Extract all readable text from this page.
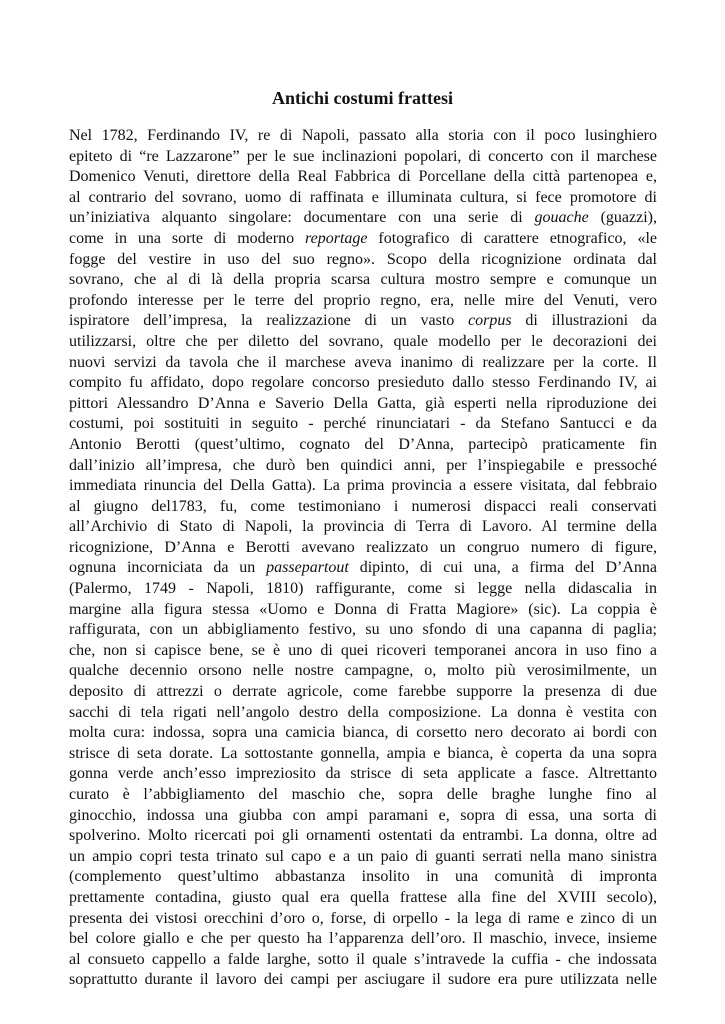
Antichi costumi frattesi
Nel 1782, Ferdinando IV, re di Napoli, passato alla storia con il poco lusinghiero
epiteto di “re Lazzarone” per le sue inclinazioni popolari, di concerto con il marchese
Domenico Venuti, direttore della Real Fabbrica di Porcellane della città partenopea e,
al contrario del sovrano, uomo di raffinata e illuminata cultura, si fece promotore di
un’iniziativa alquanto singolare: documentare con una serie di gouache (guazzi),
come in una sorte di moderno reportage fotografico di carattere etnografico, «le
fogge del vestire in uso del suo regno». Scopo della ricognizione ordinata dal
sovrano, che al di là della propria scarsa cultura mostro sempre e comunque un
profondo interesse per le terre del proprio regno, era, nelle mire del Venuti, vero
ispiratore dell’impresa, la realizzazione di un vasto corpus di illustrazioni da
utilizzarsi, oltre che per diletto del sovrano, quale modello per le decorazioni dei
nuovi servizi da tavola che il marchese aveva inanimo di realizzare per la corte. Il
compito fu affidato, dopo regolare concorso presieduto dallo stesso Ferdinando IV, ai
pittori Alessandro D’Anna e Saverio Della Gatta, già esperti nella riproduzione dei
costumi, poi sostituiti in seguito - perché rinunciatari - da Stefano Santucci e da
Antonio Berotti (quest’ultimo, cognato del D’Anna, partecipò praticamente fin
dall’inizio all’impresa, che durò ben quindici anni, per l’inspiegabile e pressoché
immediata rinuncia del Della Gatta). La prima provincia a essere visitata, dal febbraio
al giugno del1783, fu, come testimoniano i numerosi dispacci reali conservati
all’Archivio di Stato di Napoli, la provincia di Terra di Lavoro. Al termine della
ricognizione, D’Anna e Berotti avevano realizzato un congruo numero di figure,
ognuna incorniciata da un passepartout dipinto, di cui una, a firma del D’Anna
(Palermo, 1749 - Napoli, 1810) raffigurante, come si legge nella didascalia in
margine alla figura stessa «Uomo e Donna di Fratta Magiore» (sic). La coppia è
raffigurata, con un abbigliamento festivo, su uno sfondo di una capanna di paglia;
che, non si capisce bene, se è uno di quei ricoveri temporanei ancora in uso fino a
qualche decennio orsono nelle nostre campagne, o, molto più verosimilmente, un
deposito di attrezzi o derrate agricole, come farebbe supporre la presenza di due
sacchi di tela rigati nell’angolo destro della composizione. La donna è vestita con
molta cura: indossa, sopra una camicia bianca, di corsetto nero decorato ai bordi con
strisce di seta dorate. La sottostante gonnella, ampia e bianca, è coperta da una sopra
gonna verde anch’esso impreziosito da strisce di seta applicate a fasce. Altrettanto
curato è l’abbigliamento del maschio che, sopra delle braghe lunghe fino al
ginocchio, indossa una giubba con ampi paramani e, sopra di essa, una sorta di
spolverino. Molto ricercati poi gli ornamenti ostentati da entrambi. La donna, oltre ad
un ampio copri testa trinato sul capo e a un paio di guanti serrati nella mano sinistra
(complemento quest’ultimo abbastanza insolito in una comunità di impronta
prettamente contadina, giusto qual era quella frattese alla fine del XVIII secolo),
presenta dei vistosi orecchini d’oro o, forse, di orpello - la lega di rame e zinco di un
bel colore giallo e che per questo ha l’apparenza dell’oro. Il maschio, invece, insieme
al consueto cappello a falde larghe, sotto il quale s’intravede la cuffia - che indossata
soprattutto durante il lavoro dei campi per asciugare il sudore era pure utilizzata nelle
